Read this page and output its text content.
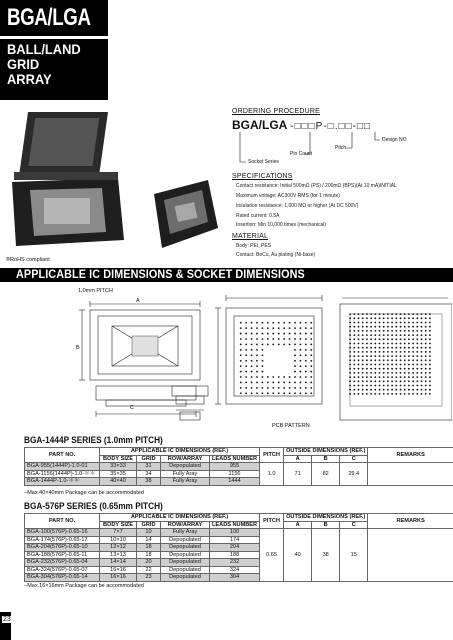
BGA/LGA
BALL/LAND
GRID
ARRAY
®RoHS compliant
ORDERING PROCEDURE
BGA/LGA -□□□P-□.□□-□□
Design NO
Pitch
Pin Count
Socket Series
SPECIFICATIONS
Contact resistance: Initial 500mΩ (PS) / 200mΩ (BPS)(At 10 mA)INITIAL
Maximum voltage: AC300V RMS (for 1 minute)
Insulation resistance: 1,000 MΩ or higher (At DC 500V)
Rated current: 0.5A
Insertion: Min 10,000 times (mechanical)
MATERIAL
Body: PEI, PES
Contact: BeCu, Au plating (Ni-base)
APPLICABLE IC DIMENSIONS & SOCKET DIMENSIONS
1.0mm PITCH
A
B
C
PCB PATTERN
BGA-1444P SERIES (1.0mm PITCH)
PART NO.	APPLICABLE IC DIMENSIONS (REF.)				PITCH	OUTSIDE DIMENSIONS (REF.)			REMARKS
	BODY SIZE	GRID	ROW/ARRAY	LEADS NUMBER		A	B	C	
BGA-955(1444P)-1.0-01	33×33	31	Depopulated	955	1.0	71	82	29.4	
BGA-1156(1444P)-1.0-＊＊	35×35	34	Fully Aray	1156					
BGA-1444P-1.0-＊＊	40×40	38	Fully Aray	1444					
−Max.40×40mm Package can be accommodated
BGA-576P SERIES (0.65mm PITCH)
PART NO.	APPLICABLE IC DIMENSIONS (REF.)				PITCH	OUTSIDE DIMENSIONS (REF.)			REMARKS
	BODY SIZE	GRID	ROW/ARRAY	LEADS NUMBER		A	B	C	
BGA-100(576P)-0.65-16	7×7	10	Fully Aray	100	0.65	40	38	15	
BGA-174(576P)-0.65-17	10×10	14	Depopulated	174					
BGA-204(576P)-0.65-10	12×12	18	Depopulated	204					
BGA-188(576P)-0.65-11	13×13	18	Depopulated	188					
BGA-232(576P)-0.65-04	14×14	20	Depopulated	232					
BGA-324(576P)-0.65-07	16×16	22	Depopulated	324					
BGA-304(576P)-0.65-14	16×16	23	Depopulated	304					
−Max.16×16mm Package can be accommodated
23
